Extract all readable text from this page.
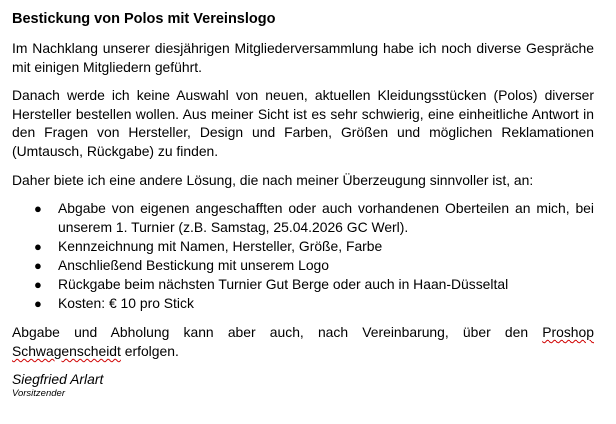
Bestickung von Polos mit Vereinslogo

Im Nachklang unserer diesjährigen Mitgliederversammlung habe ich noch diverse Gespräche mit einigen Mitgliedern geführt.

Danach werde ich keine Auswahl von neuen, aktuellen Kleidungsstücken (Polos) diverser Hersteller bestellen wollen. Aus meiner Sicht ist es sehr schwierig, eine einheitliche Antwort in den Fragen von Hersteller, Design und Farben, Größen und möglichen Reklamationen (Umtausch, Rückgabe) zu finden.

Daher biete ich eine andere Lösung, die nach meiner Überzeugung sinnvoller ist, an:

● Abgabe von eigenen angeschafften oder auch vorhandenen Oberteilen an mich, bei unserem 1. Turnier (z.B. Samstag, 25.04.2026 GC Werl).
● Kennzeichnung mit Namen, Hersteller, Größe, Farbe
● Anschließend Bestickung mit unserem Logo
● Rückgabe beim nächsten Turnier Gut Berge oder auch in Haan-Düsseltal
● Kosten: € 10 pro Stick

Abgabe und Abholung kann aber auch, nach Vereinbarung, über den Proshop Schwagenscheidt erfolgen.

Siegfried Arlart
Vorsitzender
